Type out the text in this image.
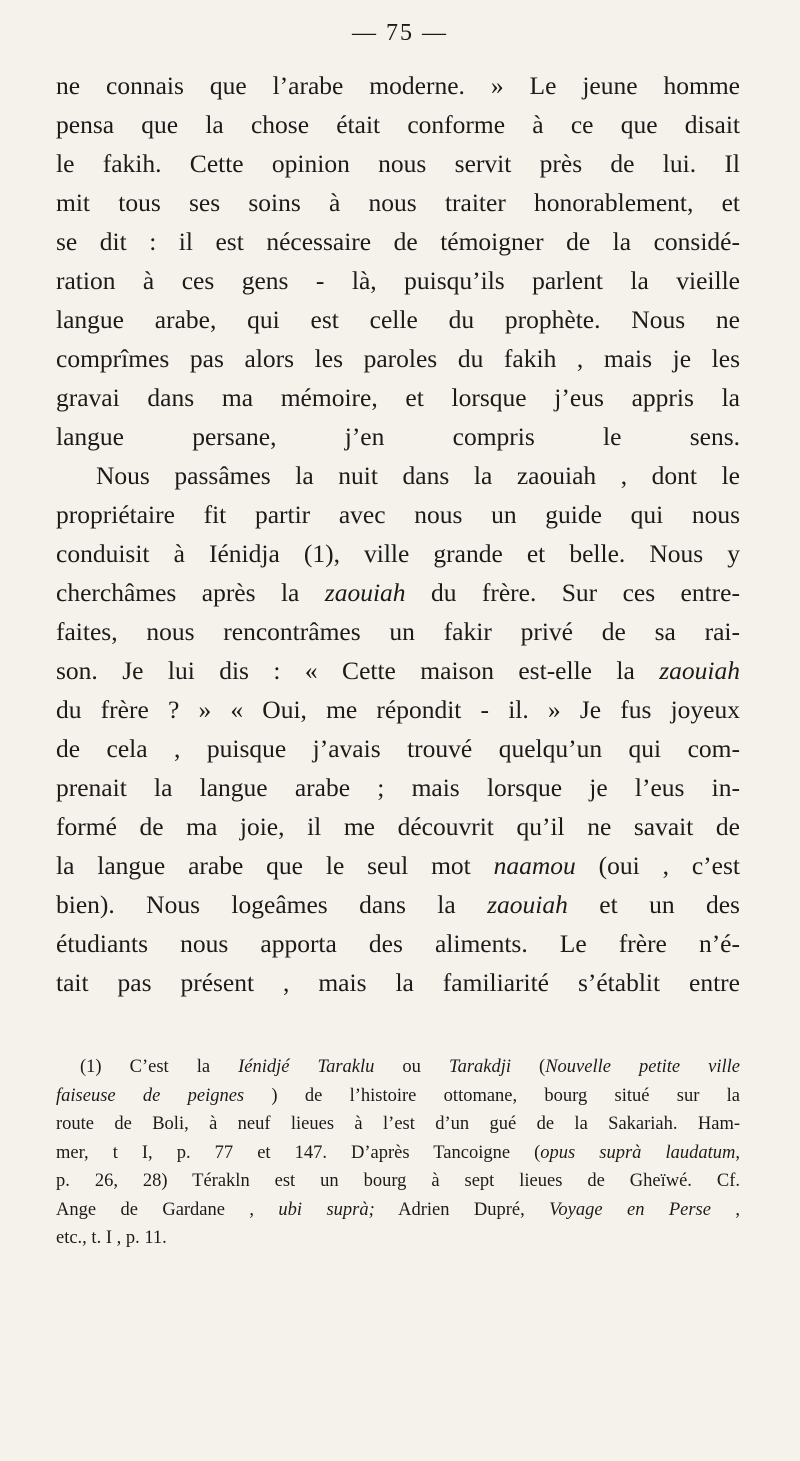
— 75 —
ne connais que l’arabe moderne. » Le jeune homme
pensa que la chose était conforme à ce que disait
le fakih. Cette opinion nous servit près de lui. Il
mit tous ses soins à nous traiter honorablement, et
se dit : il est nécessaire de témoigner de la considé-
ration à ces gens - là, puisqu’ils parlent la vieille
langue arabe, qui est celle du prophète. Nous ne
comprîmes pas alors les paroles du fakih , mais je les
gravai dans ma mémoire, et lorsque j’eus appris la
langue persane, j’en compris le sens.
Nous passâmes la nuit dans la zaouiah , dont le
propriétaire fit partir avec nous un guide qui nous
conduisit à Iénidja (1), ville grande et belle. Nous y
cherchâmes après la zaouiah du frère. Sur ces entre-
faites, nous rencontrâmes un fakir privé de sa rai-
son. Je lui dis : « Cette maison est-elle la zaouiah
du frère ? » « Oui, me répondit - il. » Je fus joyeux
de cela , puisque j’avais trouvé quelqu’un qui com-
prenait la langue arabe ; mais lorsque je l’eus in-
formé de ma joie, il me découvrit qu’il ne savait de
la langue arabe que le seul mot naamou (oui , c’est
bien). Nous logeâmes dans la zaouiah et un des
étudiants nous apporta des aliments. Le frère n’é-
tait pas présent , mais la familiarité s’établit entre
(1) C’est la Iénidjé Taraklu ou Tarakdji (Nouvelle petite ville
faiseuse de peignes ) de l’histoire ottomane, bourg situé sur la
route de Boli, à neuf lieues à l’est d’un gué de la Sakariah. Ham-
mer, t I, p. 77 et 147. D’après Tancoigne (opus suprà laudatum,
p. 26, 28) Térakln est un bourg à sept lieues de Gheïwé. Cf.
Ange de Gardane , ubi suprà; Adrien Dupré, Voyage en Perse ,
etc., t. I , p. 11.
